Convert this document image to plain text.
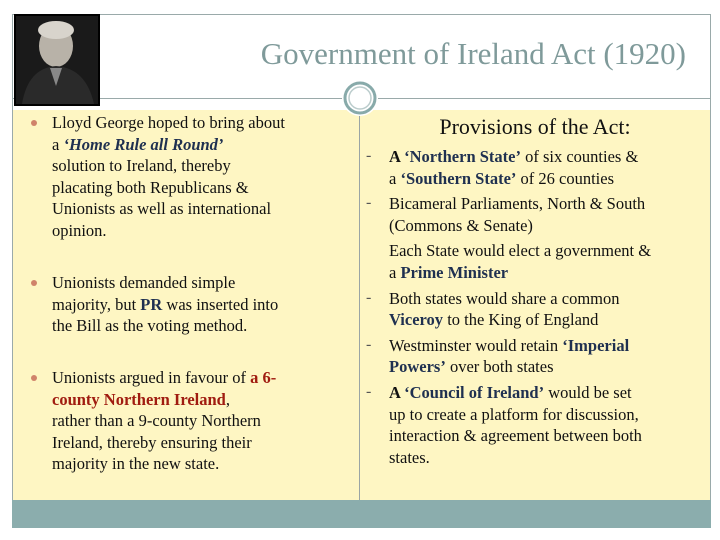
Government of Ireland Act (1920)
Provisions of the Act:
Lloyd George hoped to bring about
a ‘Home Rule all Round’
solution to Ireland, thereby
placating both Republicans &
Unionists as well as international
opinion.
Unionists demanded simple
majority, but PR was inserted into
the Bill as the voting method.
Unionists argued in favour of a 6-
county Northern Ireland,
rather than a 9-county Northern
Ireland, thereby ensuring their
majority in the new state.
- A ‘Northern State’ of six counties &
a ‘Southern State’ of 26 counties
- Bicameral Parliaments, North & South
(Commons & Senate)
Each State would elect a government &
a Prime Minister
- Both states would share a common
Viceroy to the King of England
- Westminster would retain ‘Imperial
Powers’ over both states
- A ‘Council of Ireland’ would be set
up to create a platform for discussion,
interaction & agreement between both
states.
